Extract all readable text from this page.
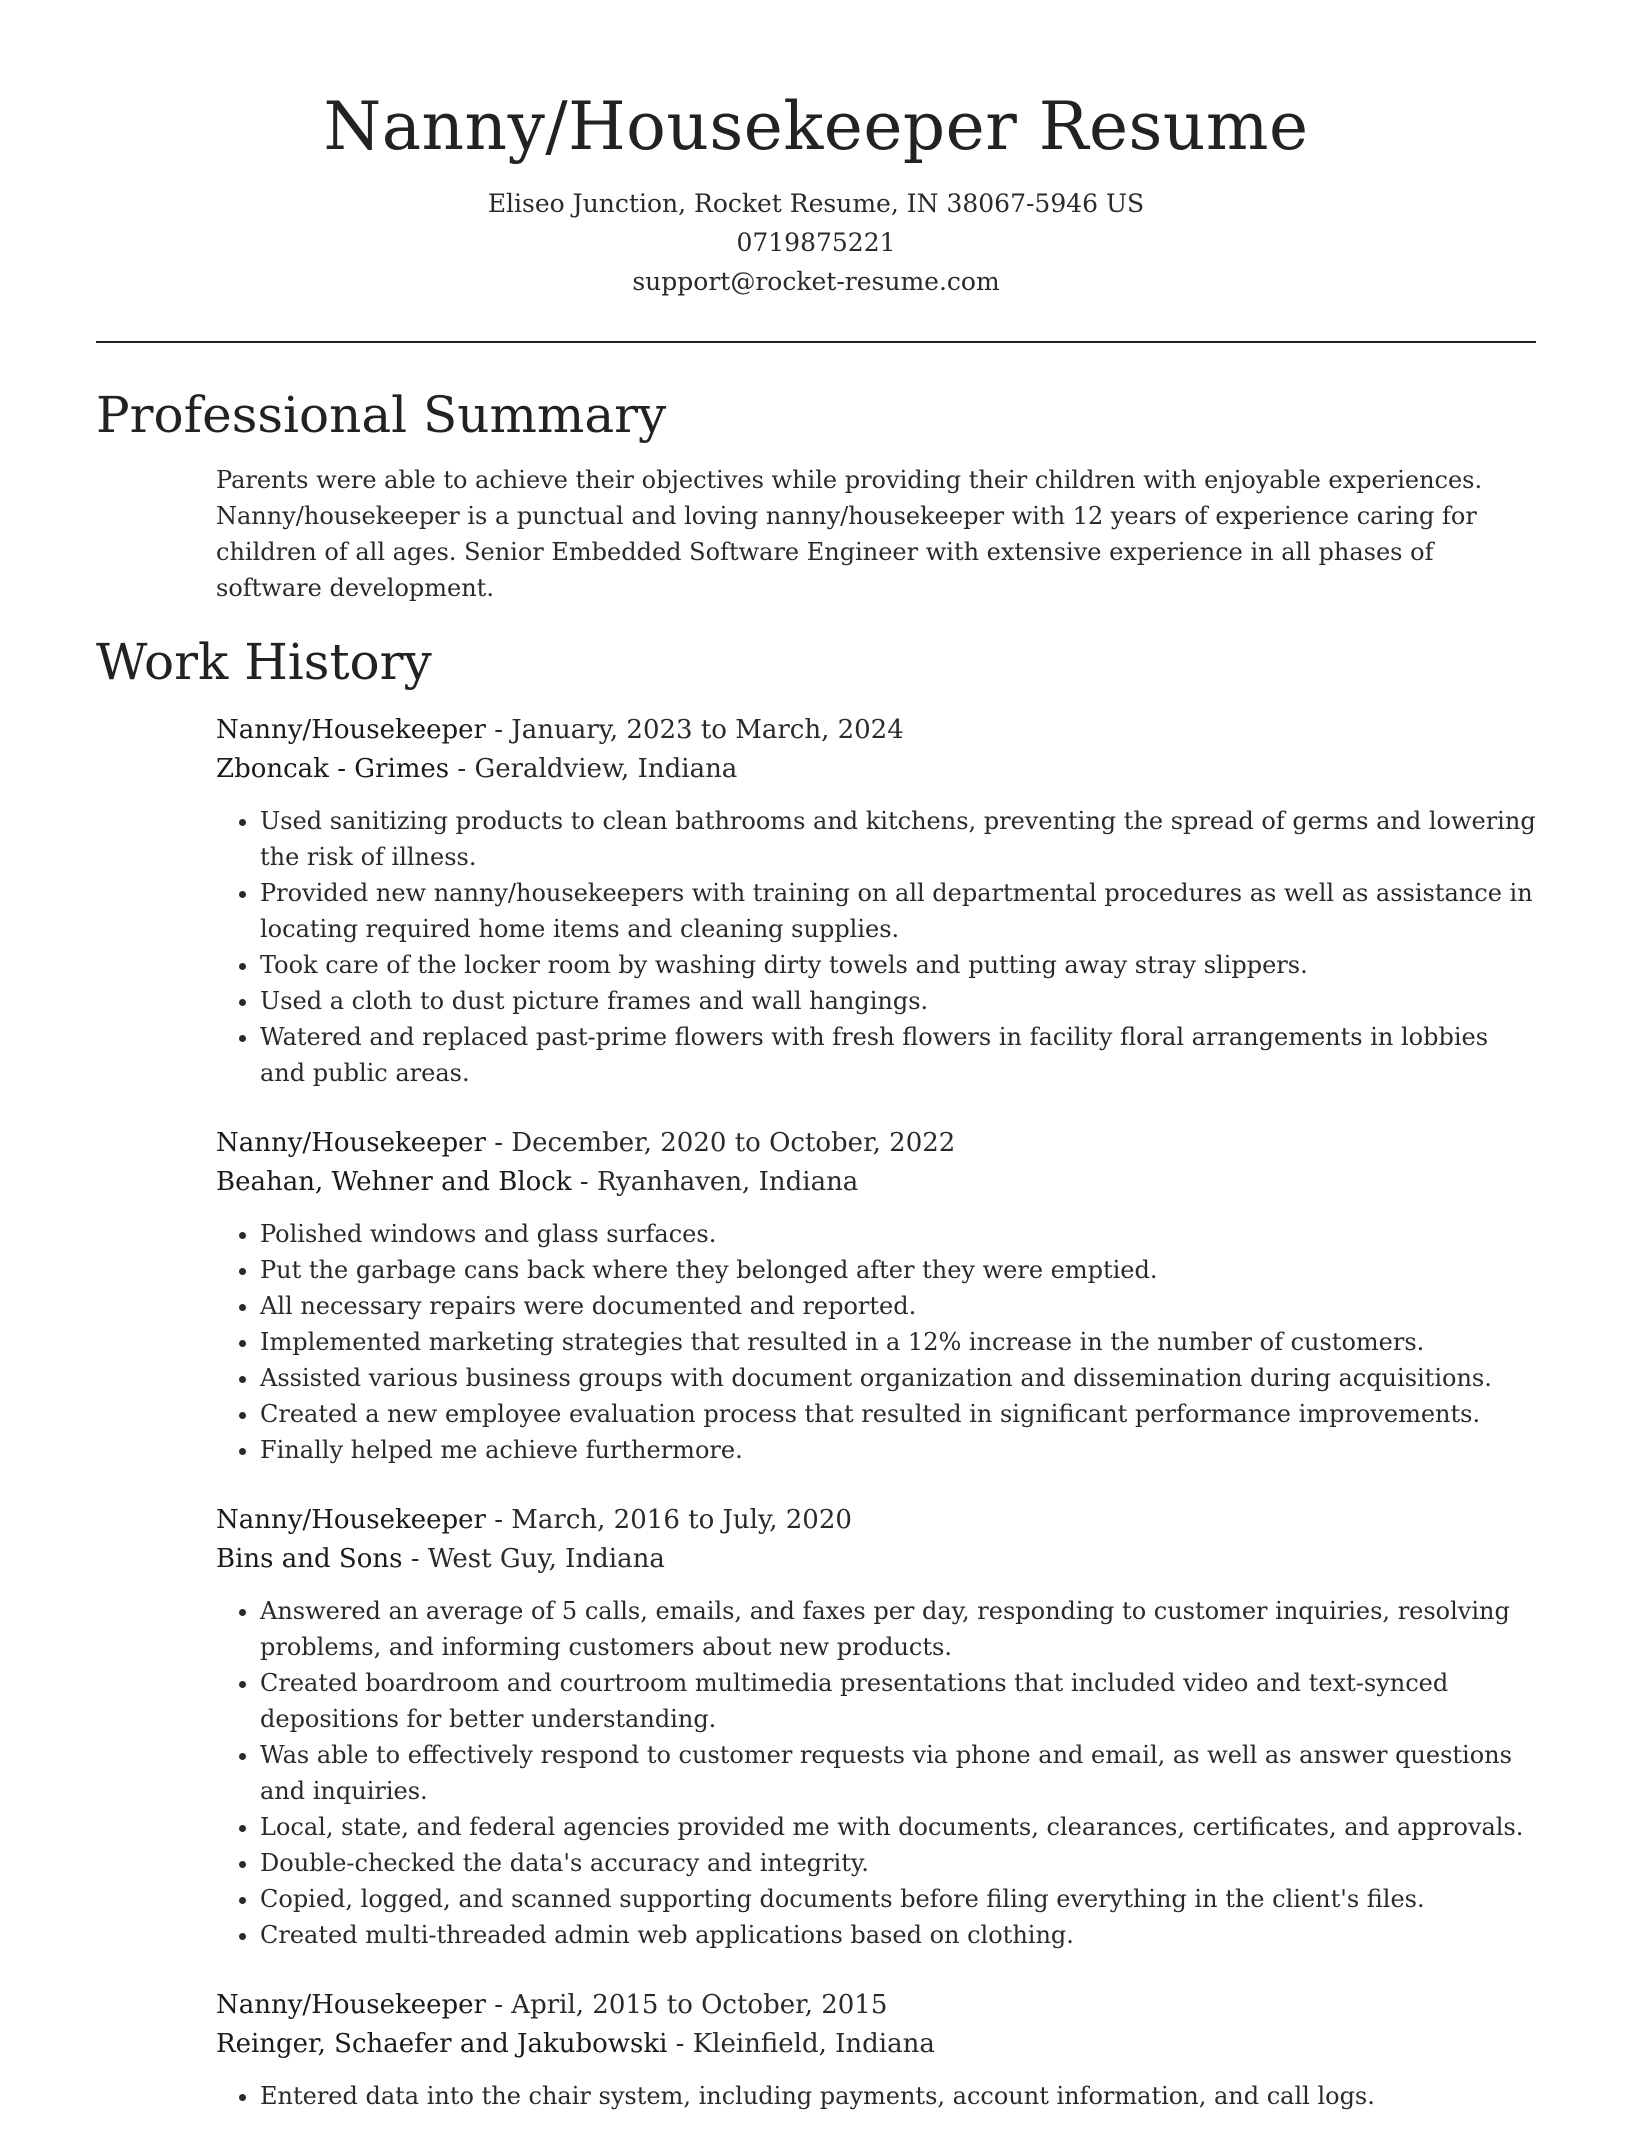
Nanny/Housekeeper Resume
Eliseo Junction, Rocket Resume, IN 38067-5946 US
0719875221
support@rocket-resume.com
Professional Summary

Parents were able to achieve their objectives while providing their children with enjoyable experiences. Nanny/housekeeper is a punctual and loving nanny/housekeeper with 12 years of experience caring for children of all ages. Senior Embedded Software Engineer with extensive experience in all phases of software development.

Work History
Nanny/Housekeeper - January, 2023 to March, 2024
Zboncak - Grimes - Geraldview, Indiana
• Used sanitizing products to clean bathrooms and kitchens, preventing the spread of germs and lowering the risk of illness.
• Provided new nanny/housekeepers with training on all departmental procedures as well as assistance in locating required home items and cleaning supplies.
• Took care of the locker room by washing dirty towels and putting away stray slippers.
• Used a cloth to dust picture frames and wall hangings.
• Watered and replaced past-prime flowers with fresh flowers in facility floral arrangements in lobbies and public areas.
Nanny/Housekeeper - December, 2020 to October, 2022
Beahan, Wehner and Block - Ryanhaven, Indiana
• Polished windows and glass surfaces.
• Put the garbage cans back where they belonged after they were emptied.
• All necessary repairs were documented and reported.
• Implemented marketing strategies that resulted in a 12% increase in the number of customers.
• Assisted various business groups with document organization and dissemination during acquisitions.
• Created a new employee evaluation process that resulted in significant performance improvements.
• Finally helped me achieve furthermore.
Nanny/Housekeeper - March, 2016 to July, 2020
Bins and Sons - West Guy, Indiana
• Answered an average of 5 calls, emails, and faxes per day, responding to customer inquiries, resolving problems, and informing customers about new products.
• Created boardroom and courtroom multimedia presentations that included video and text-synced depositions for better understanding.
• Was able to effectively respond to customer requests via phone and email, as well as answer questions and inquiries.
• Local, state, and federal agencies provided me with documents, clearances, certificates, and approvals.
• Double-checked the data's accuracy and integrity.
• Copied, logged, and scanned supporting documents before filing everything in the client's files.
• Created multi-threaded admin web applications based on clothing.
Nanny/Housekeeper - April, 2015 to October, 2015
Reinger, Schaefer and Jakubowski - Kleinfield, Indiana
• Entered data into the chair system, including payments, account information, and call logs.
